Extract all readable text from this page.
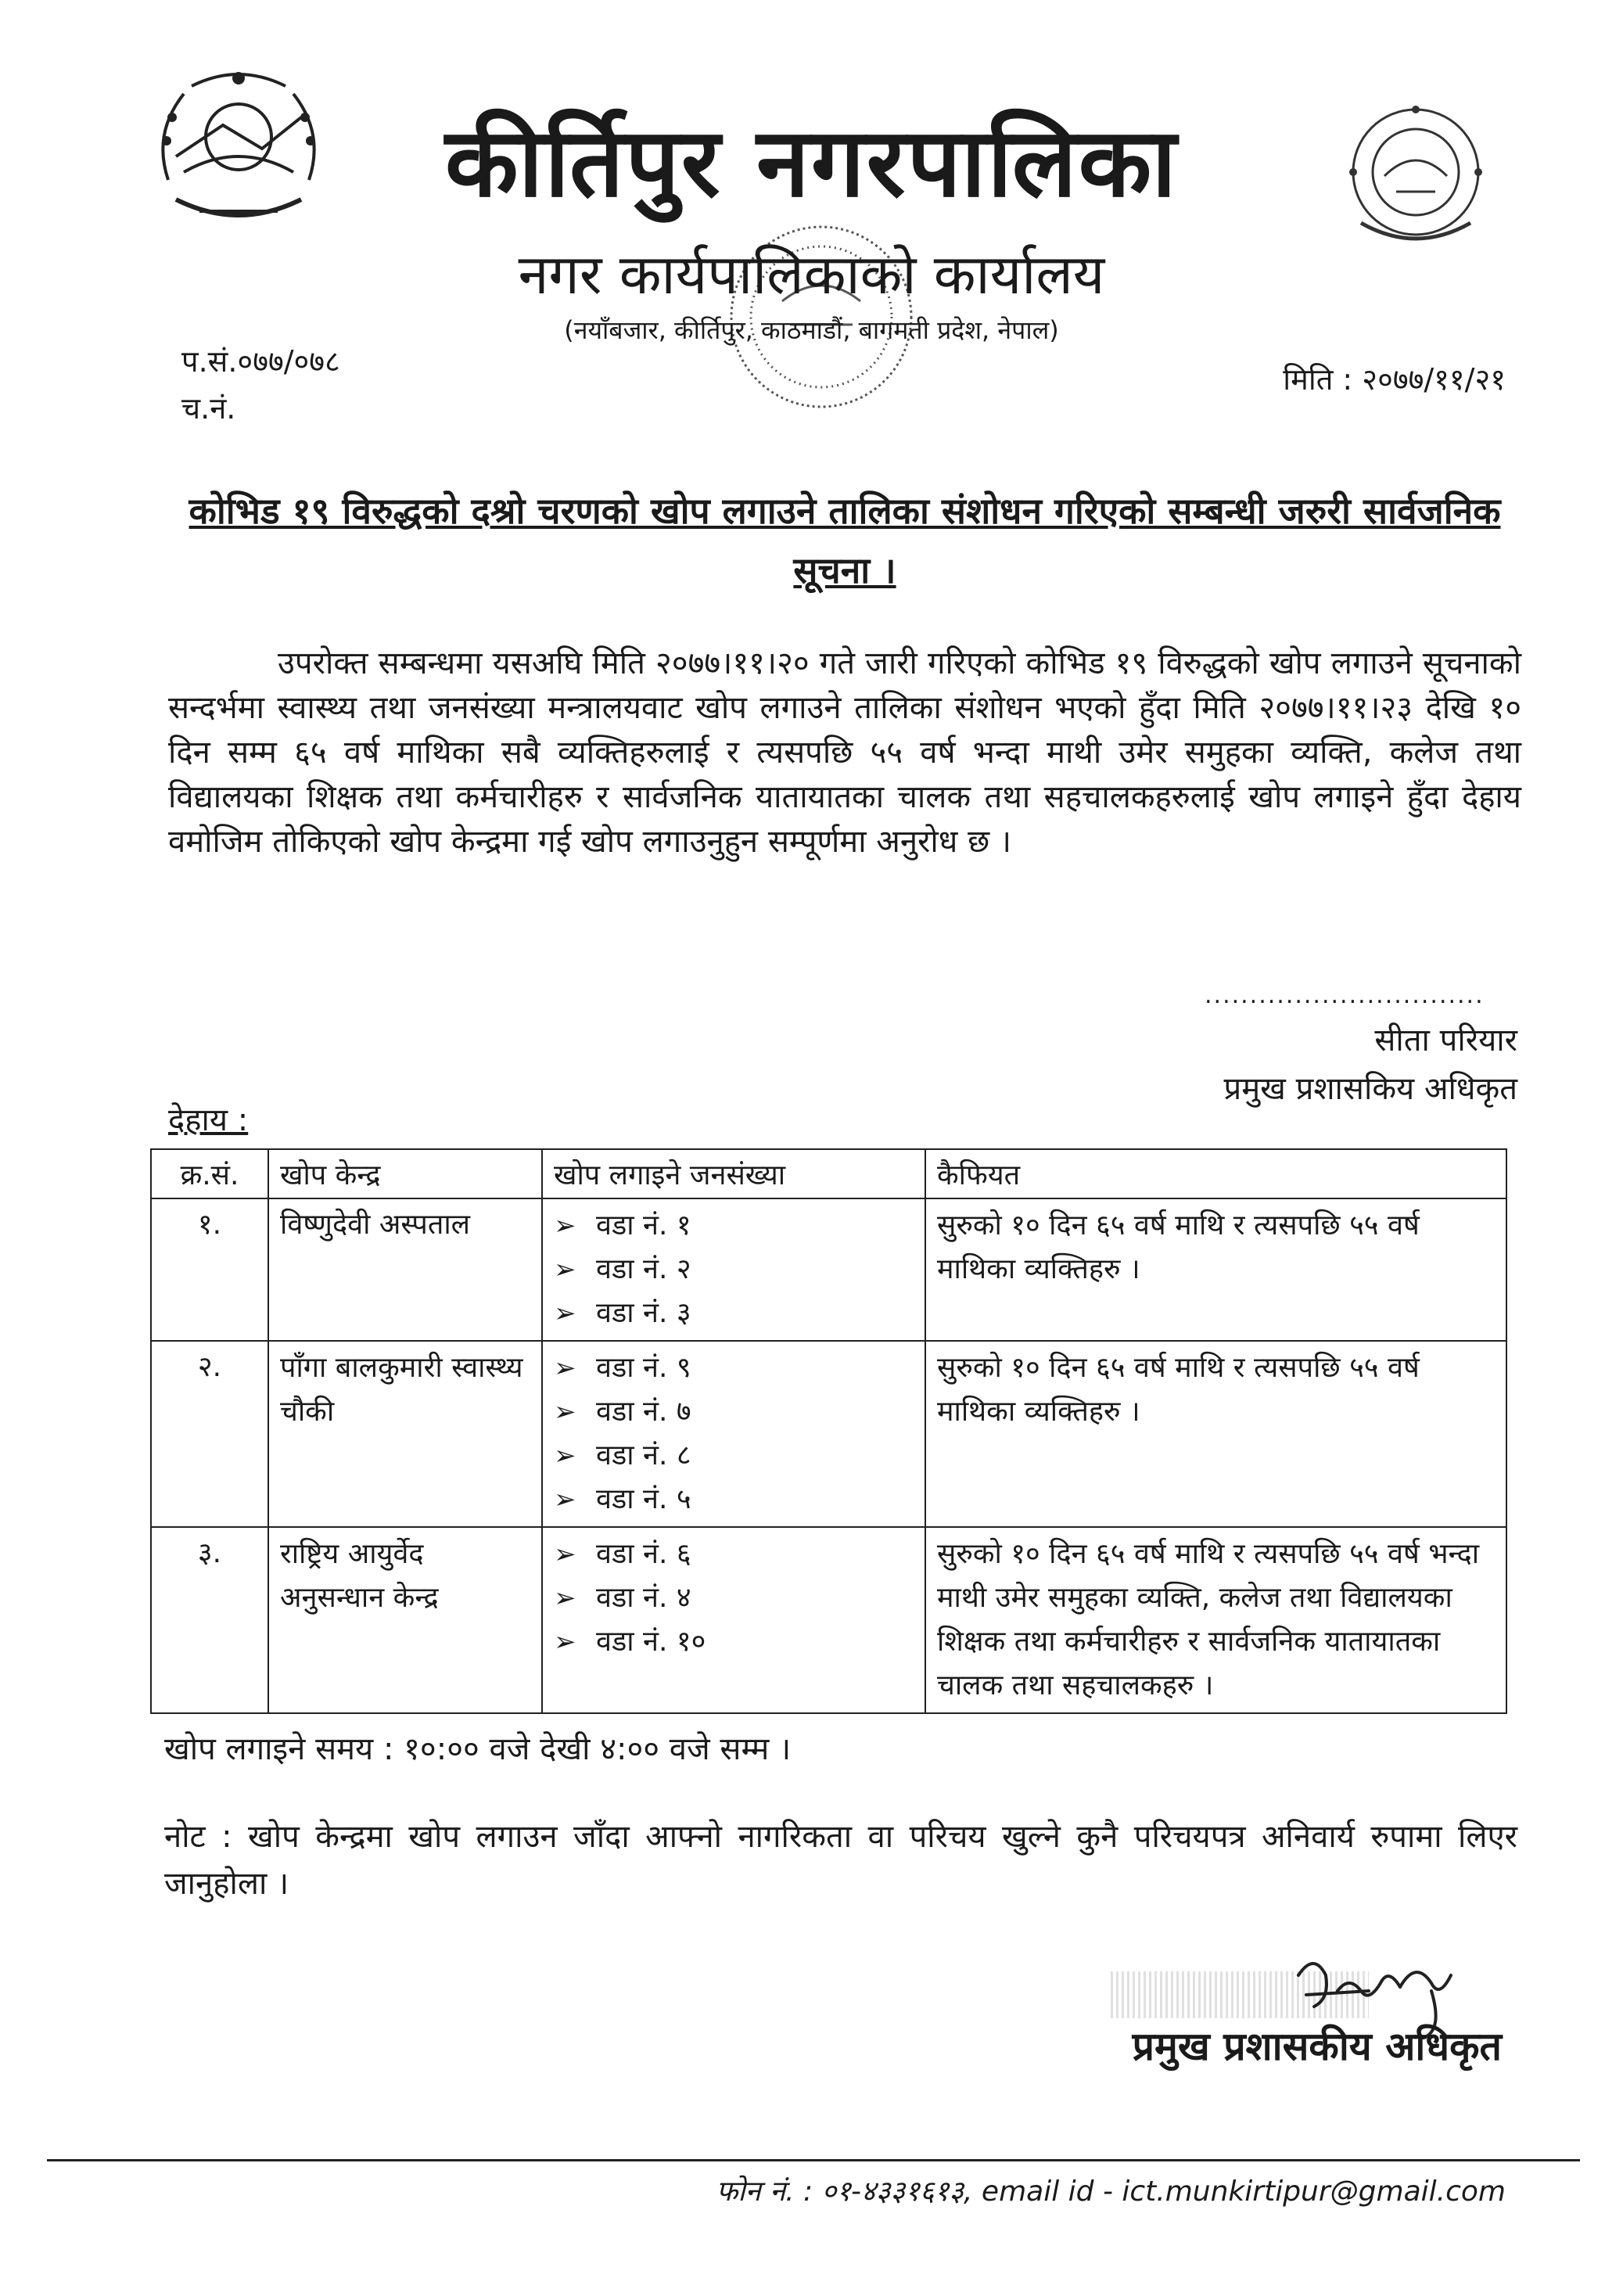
कीर्तिपुर नगरपालिका
नगर कार्यपालिकाको कार्यालय
(नयाँबजार, कीर्तिपुर, काठमाडौं, बागमती प्रदेश, नेपाल)
प.सं.०७७/०७८
च.नं.
मिति : २०७७/११/२१
कोभिड १९ विरुद्धको दश्रो चरणको खोप लगाउने तालिका संशोधन गरिएको सम्बन्धी जरुरी सार्वजनिक सूचना ।
उपरोक्त सम्बन्धमा यसअघि मिति २०७७।११।२० गते जारी गरिएको कोभिड १९ विरुद्धको खोप लगाउने सूचनाको सन्दर्भमा स्वास्थ्य तथा जनसंख्या मन्त्रालयवाट खोप लगाउने तालिका संशोधन भएको हुँदा मिति २०७७।११।२३ देखि १० दिन सम्म ६५ वर्ष माथिका सबै व्यक्तिहरुलाई र त्यसपछि ५५ वर्ष भन्दा माथी उमेर समुहका व्यक्ति, कलेज तथा विद्यालयका शिक्षक तथा कर्मचारीहरु र सार्वजनिक यातायातका चालक तथा सहचालकहरुलाई खोप लगाइने हुँदा देहाय वमोजिम तोकिएको खोप केन्द्रमा गई खोप लगाउनुहुन सम्पूर्णमा अनुरोध छ ।
...............................
सीता परियार
प्रमुख प्रशासकिय अधिकृत
देहाय :
क्र.सं.	खोप केन्द्र	खोप लगाइने जनसंख्या	कैफियत
१.	विष्णुदेवी अस्पताल	➢ वडा नं. १
➢ वडा नं. २
➢ वडा नं. ३	सुरुको १० दिन ६५ वर्ष माथि र त्यसपछि ५५ वर्ष माथिका व्यक्तिहरु ।
२.	पाँगा बालकुमारी स्वास्थ्य चौकी	➢ वडा नं. ९
➢ वडा नं. ७
➢ वडा नं. ८
➢ वडा नं. ५	सुरुको १० दिन ६५ वर्ष माथि र त्यसपछि ५५ वर्ष माथिका व्यक्तिहरु ।
३.	राष्ट्रिय आयुर्वेद अनुसन्धान केन्द्र	➢ वडा नं. ६
➢ वडा नं. ४
➢ वडा नं. १०	सुरुको १० दिन ६५ वर्ष माथि र त्यसपछि ५५ वर्ष भन्दा माथी उमेर समुहका व्यक्ति, कलेज तथा विद्यालयका शिक्षक तथा कर्मचारीहरु र सार्वजनिक यातायातका चालक तथा सहचालकहरु ।
खोप लगाइने समय : १०:०० वजे देखी ४:०० वजे सम्म ।
नोट : खोप केन्द्रमा खोप लगाउन जाँदा आफ्नो नागरिकता वा परिचय खुल्ने कुनै परिचयपत्र अनिवार्य रुपामा लिएर जानुहोला ।
प्रमुख प्रशासकीय अधिकृत
फोन नं. : ०१-४३३१६१३, email id - ict.munkirtipur@gmail.com
